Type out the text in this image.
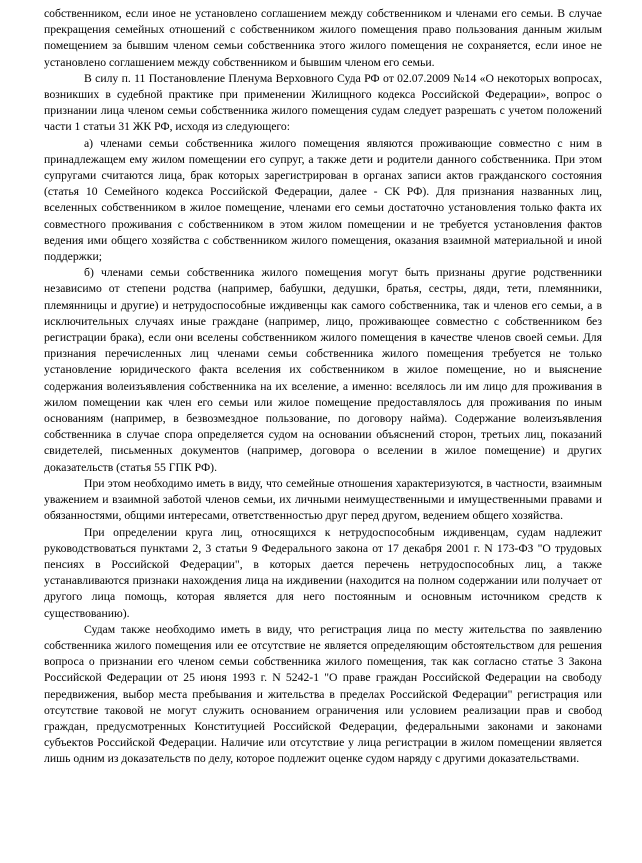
собственником, если иное не установлено соглашением между собственником и членами его семьи. В случае прекращения семейных отношений с собственником жилого помещения право пользования данным жилым помещением за бывшим членом семьи собственника этого жилого помещения не сохраняется, если иное не установлено соглашением между собственником и бывшим членом его семьи.

В силу п. 11 Постановление Пленума Верховного Суда РФ от 02.07.2009 №14 «О некоторых вопросах, возникших в судебной практике при применении Жилищного кодекса Российской Федерации», вопрос о признании лица членом семьи собственника жилого помещения судам следует разрешать с учетом положений части 1 статьи 31 ЖК РФ, исходя из следующего:

а) членами семьи собственника жилого помещения являются проживающие совместно с ним в принадлежащем ему жилом помещении его супруг, а также дети и родители данного собственника. При этом супругами считаются лица, брак которых зарегистрирован в органах записи актов гражданского состояния (статья 10 Семейного кодекса Российской Федерации, далее - СК РФ). Для признания названных лиц, вселенных собственником в жилое помещение, членами его семьи достаточно установления только факта их совместного проживания с собственником в этом жилом помещении и не требуется установления фактов ведения ими общего хозяйства с собственником жилого помещения, оказания взаимной материальной и иной поддержки;

б) членами семьи собственника жилого помещения могут быть признаны другие родственники независимо от степени родства (например, бабушки, дедушки, братья, сестры, дяди, тети, племянники, племянницы и другие) и нетрудоспособные иждивенцы как самого собственника, так и членов его семьи, а в исключительных случаях иные граждане (например, лицо, проживающее совместно с собственником без регистрации брака), если они вселены собственником жилого помещения в качестве членов своей семьи. Для признания перечисленных лиц членами семьи собственника жилого помещения требуется не только установление юридического факта вселения их собственником в жилое помещение, но и выяснение содержания волеизъявления собственника на их вселение, а именно: вселялось ли им лицо для проживания в жилом помещении как член его семьи или жилое помещение предоставлялось для проживания по иным основаниям (например, в безвозмездное пользование, по договору найма). Содержание волеизъявления собственника в случае спора определяется судом на основании объяснений сторон, третьих лиц, показаний свидетелей, письменных документов (например, договора о вселении в жилое помещение) и других доказательств (статья 55 ГПК РФ).

При этом необходимо иметь в виду, что семейные отношения характеризуются, в частности, взаимным уважением и взаимной заботой членов семьи, их личными неимущественными и имущественными правами и обязанностями, общими интересами, ответственностью друг перед другом, ведением общего хозяйства.

При определении круга лиц, относящихся к нетрудоспособным иждивенцам, судам надлежит руководствоваться пунктами 2, 3 статьи 9 Федерального закона от 17 декабря 2001 г. N 173-ФЗ "О трудовых пенсиях в Российской Федерации", в которых дается перечень нетрудоспособных лиц, а также устанавливаются признаки нахождения лица на иждивении (находится на полном содержании или получает от другого лица помощь, которая является для него постоянным и основным источником средств к существованию).

Судам также необходимо иметь в виду, что регистрация лица по месту жительства по заявлению собственника жилого помещения или ее отсутствие не является определяющим обстоятельством для решения вопроса о признании его членом семьи собственника жилого помещения, так как согласно статье 3 Закона Российской Федерации от 25 июня 1993 г. N 5242-1 "О праве граждан Российской Федерации на свободу передвижения, выбор места пребывания и жительства в пределах Российской Федерации" регистрация или отсутствие таковой не могут служить основанием ограничения или условием реализации прав и свобод граждан, предусмотренных Конституцией Российской Федерации, федеральными законами и законами субъектов Российской Федерации. Наличие или отсутствие у лица регистрации в жилом помещении является лишь одним из доказательств по делу, которое подлежит оценке судом наряду с другими доказательствами.
